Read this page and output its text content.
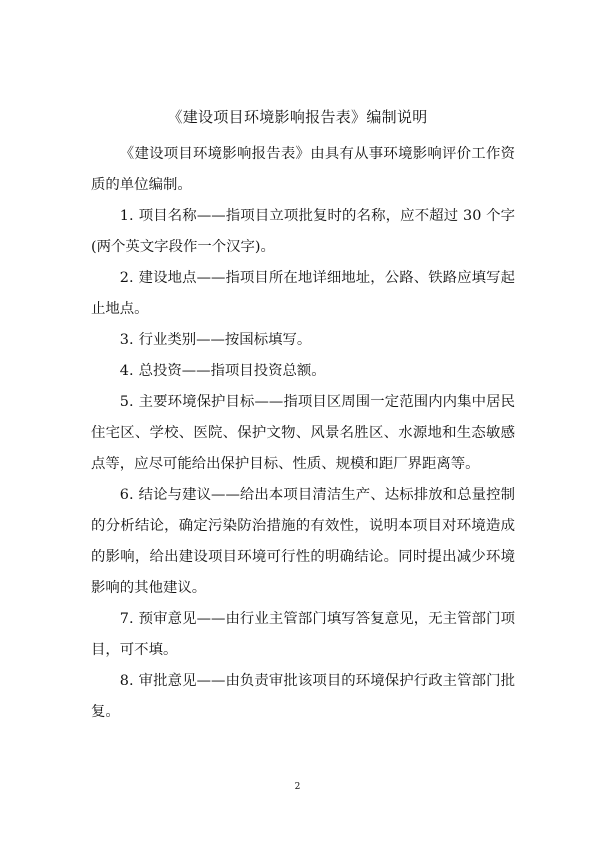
《建设项目环境影响报告表》编制说明

《建设项目环境影响报告表》由具有从事环境影响评价工作资质的单位编制。

1. 项目名称——指项目立项批复时的名称，应不超过 30 个字(两个英文字段作一个汉字)。

2. 建设地点——指项目所在地详细地址，公路、铁路应填写起止地点。

3. 行业类别——按国标填写。

4. 总投资——指项目投资总额。

5. 主要环境保护目标——指项目区周围一定范围内内集中居民住宅区、学校、医院、保护文物、风景名胜区、水源地和生态敏感点等，应尽可能给出保护目标、性质、规模和距厂界距离等。

6. 结论与建议——给出本项目清洁生产、达标排放和总量控制的分析结论，确定污染防治措施的有效性，说明本项目对环境造成的影响，给出建设项目环境可行性的明确结论。同时提出减少环境影响的其他建议。

7. 预审意见——由行业主管部门填写答复意见，无主管部门项目，可不填。

8. 审批意见——由负责审批该项目的环境保护行政主管部门批复。

2
